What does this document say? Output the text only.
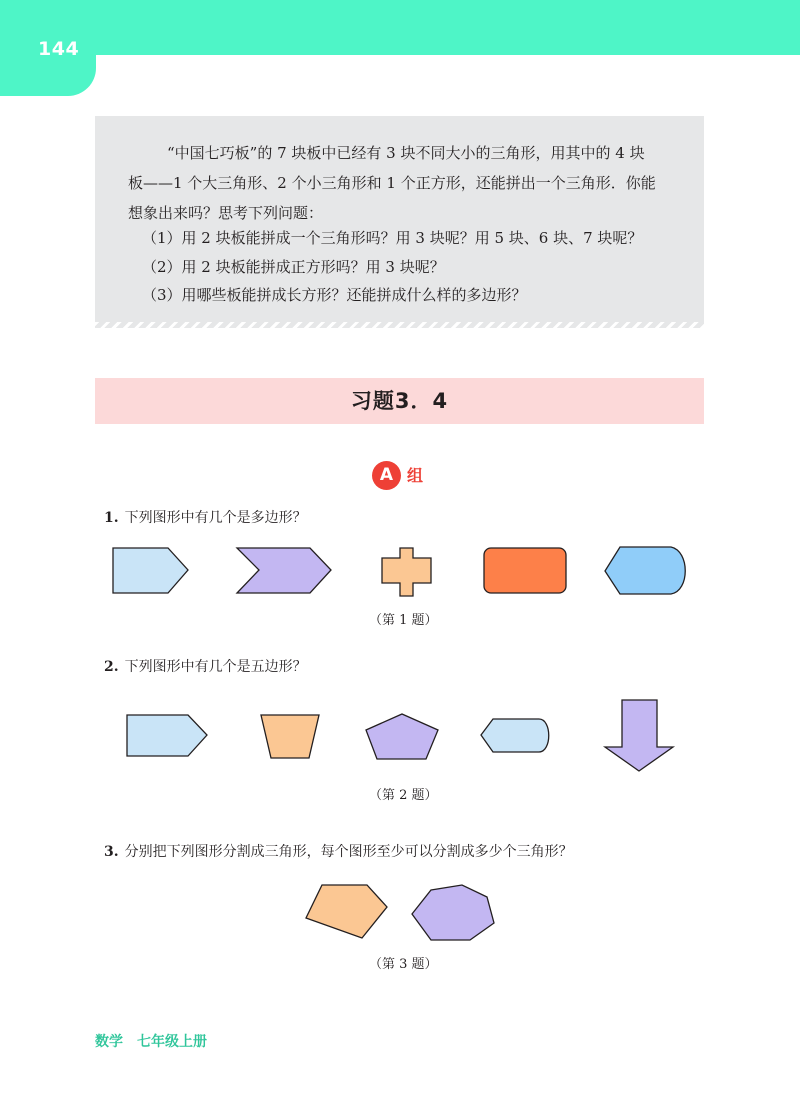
144

“中国七巧板”的 7 块板中已经有 3 块不同大小的三角形，用其中的 4 块

板——1 个大三角形、2 个小三角形和 1 个正方形，还能拼出一个三角形．你能

想象出来吗？思考下列问题：

（1）用 2 块板能拼成一个三角形吗？用 3 块呢？用 5 块、6 块、7 块呢？

（2）用 2 块板能拼成正方形吗？用 3 块呢？

（3）用哪些板能拼成长方形？还能拼成什么样的多边形？

习题3．4
A 组

1. 下列图形中有几个是多边形？

（第 1 题）

2. 下列图形中有几个是五边形？

（第 2 题）

3. 分别把下列图形分割成三角形，每个图形至少可以分割成多少个三角形？

（第 3 题）

数学 七年级上册
